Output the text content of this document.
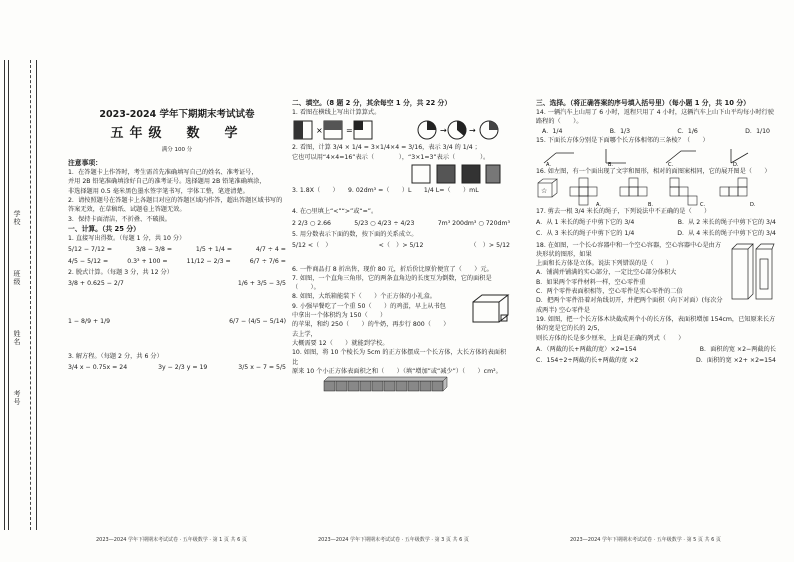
学校
班级
姓名
考号
2023-2024 学年下期期末考试试卷
五年级　数　学
满分 100 分

注意事项：

1．在答题卡上作答时，考生需首先准确填写自己的姓名、准考证号，

并用 2B 铅笔准确填涂好自己的准考证号。选择题用 2B 铅笔准确填涂，

非选择题用 0.5 毫米黑色墨水签字笔书写，字体工整，笔迹清楚。

2．请按照题号在答题卡上各题目对应的答题区域内作答，超出答题区域书写的

答案无效，在草稿纸、试题卷上答题无效。

3．保持卡面清洁，不折叠、不破损。

一、计算。（共 25 分）

1. 直接写出得数。（每题 1 分，共 10 分）

5/12 − 7/12 =	3/8 − 3/8 =	1/5 + 1/4 =	4/7 ÷ 4 =
4/5 − 5/12 =	0.3³ + 100 =	11/12 − 2/3 =	6/7 ÷ 7/6 =

2. 脱式计算。（每题 3 分，共 12 分）

3/8 + 0.625 − 2/7	1/6 + 3/5 − 3/5
1 − 8/9 + 1/9	6/7 − (4/5 − 5/14)

3. 解方程。（每题 2 分，共 6 分）

3/4 x − 0.75x = 24	3y − 2/3 y = 19	3/5 x − 7 = 5/5

二、填空。（8 题 2 分，其余每空 1 分，共 22 分）

1. 看图在横线上写出计算算式。

×	=	→	→

2. 看图，计算 3/4 × 1/4 = 3×1/4×4 = 3/16，表示 3/4 的 1/4 ；

它也可以用“4×4=16”表示（　　　　），“3×1=3”表示（　　　　）。

3. 1.8X（　　）　　9. 02dm³ =（　　）L　　1/4 L=（　　）mL

4. 在○里填上“<”“>”或“=”。

2 2/3 ○ 2.66	5/23 ○ 4/23 ÷ 4/23	7m³ 200dm³ ○ 720dm³

5. 用分数表示下面的数，按下面的关系成立。

5/12 <（　）	<（　）> 5/12	（　）> 5/12

6. 一件商品打 8 折出售，现价 80 元，折后价比原价便宜了（　　）元。

7. 如图，一个直角三角形，它的两条直角边的长度互为倒数，它的面积是（　　）。

8. 如图，大纸箱能装下（　　）个正方体的小礼盒。

9. 小强早餐吃了一个重 50（　　）的鸡蛋，早上从书包中拿出一个体积约为 150（　　）

的苹果，和约 250（　　）的牛奶，再步行 800（　　）去上学，

大概需要 12（　　）就能到学校。

10. 如图，将 10 个棱长为 5cm 的正方体摆成一个长方体，大长方体的表面积比

原来 10 个小正方体表面积之和（　　）（填“增加”或“减少”）（　　）cm²。

三、选择。（将正确答案的序号填入括号里）（每小题 1 分，共 10 分）

14. 一辆汽车上山用了 6 小时，返程只用了 4 小时，这辆汽车上山下山平均每小时行驶路程的（　　）。

A．1/4	B．1/3	C．1/6	D．1/10

15. 下面长方体分别是下面哪个长方体相邻的三条棱？（　　）

A.	B.	C.	D.

16. 如左图，有一个面出现了文字和图形，相对的面图案相同，它的展开图是（　　）

☆
A.	B.	C.	D.

17. 剪去一根 3/4 米长的绳子，下列说法中不正确的是（　　）

A．从 1 米长的绳子中剪下它的 3/4	B．从 2 米长的绳子中剪下它的 3/4
C．从 3 米长的绳子中剪下它的 1/4	D．从 4 米长的绳子中剪下它的 3/4

18. 在如图，一个长心容器中和一个空心容器，空心容器中心是由方块形状的图形，如果

上面和长方体是立体。说法下列错误的是（　　）

A．铺满并铺满的实心部分，一定比空心部分体积大

B．如果两个零件材料一样，空心零件重

C．两个零件表面积相等，空心零件是实心零件的二倍

D．把两个零件沿着对角线切开，并把两个面积（向下对面）(每次分成两半) 空心零件是

19. 如图，把一个长方体木块截成两个小的长方体，表面积增加 154cm，已知原来长方体的宽是它的长的 2/5，

则长方体的长是多少厘米，上面是正确的列式（　　）

A．（两截的长+两截的宽）×2=154	B．面积的宽 ×2−两截的长
C．154÷2÷两截的长+两截的宽 ×2	D．面积的宽 ×2+ ×2=154
2023—2024 学年下期期末考试试卷 · 五年级数学 · 第 1 页 共 6 页	2023—2024 学年下期期末考试试卷 · 五年级数学 · 第 3 页 共 6 页	2023—2024 学年下期期末考试试卷 · 五年级数学 · 第 5 页 共 6 页
